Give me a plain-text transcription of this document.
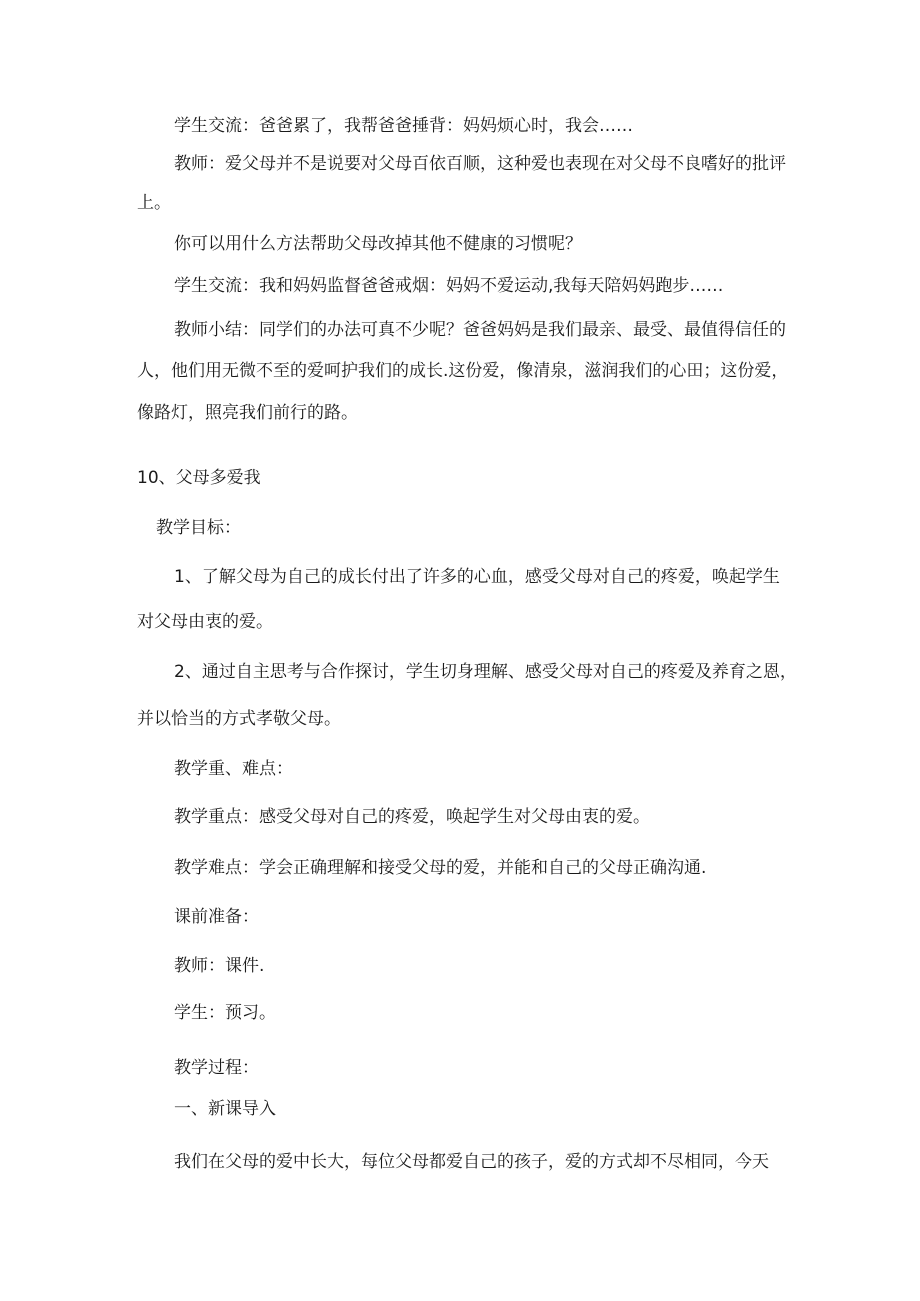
学生交流：爸爸累了，我帮爸爸捶背：妈妈烦心时，我会……
教师：爱父母并不是说要对父母百依百顺，这种爱也表现在对父母不良嗜好的批评
上。
你可以用什么方法帮助父母改掉其他不健康的习惯呢？
学生交流：我和妈妈监督爸爸戒烟：妈妈不爱运动,我每天陪妈妈跑步……
教师小结：同学们的办法可真不少呢？爸爸妈妈是我们最亲、最受、最值得信任的
人，他们用无微不至的爱呵护我们的成长.这份爱，像清泉，滋润我们的心田；这份爱，
像路灯，照亮我们前行的路。
10、父母多爱我
教学目标：
1、了解父母为自己的成长付出了许多的心血，感受父母对自己的疼爱，唤起学生
对父母由衷的爱。
2、通过自主思考与合作探讨，学生切身理解、感受父母对自己的疼爱及养育之恩，
并以恰当的方式孝敬父母。
教学重、难点：
教学重点：感受父母对自己的疼爱，唤起学生对父母由衷的爱。
教学难点：学会正确理解和接受父母的爱，并能和自己的父母正确沟通.
课前准备：
教师：课件.
学生：预习。
教学过程：
一、新课导入
我们在父母的爱中长大，每位父母都爱自己的孩子，爱的方式却不尽相同，今天
